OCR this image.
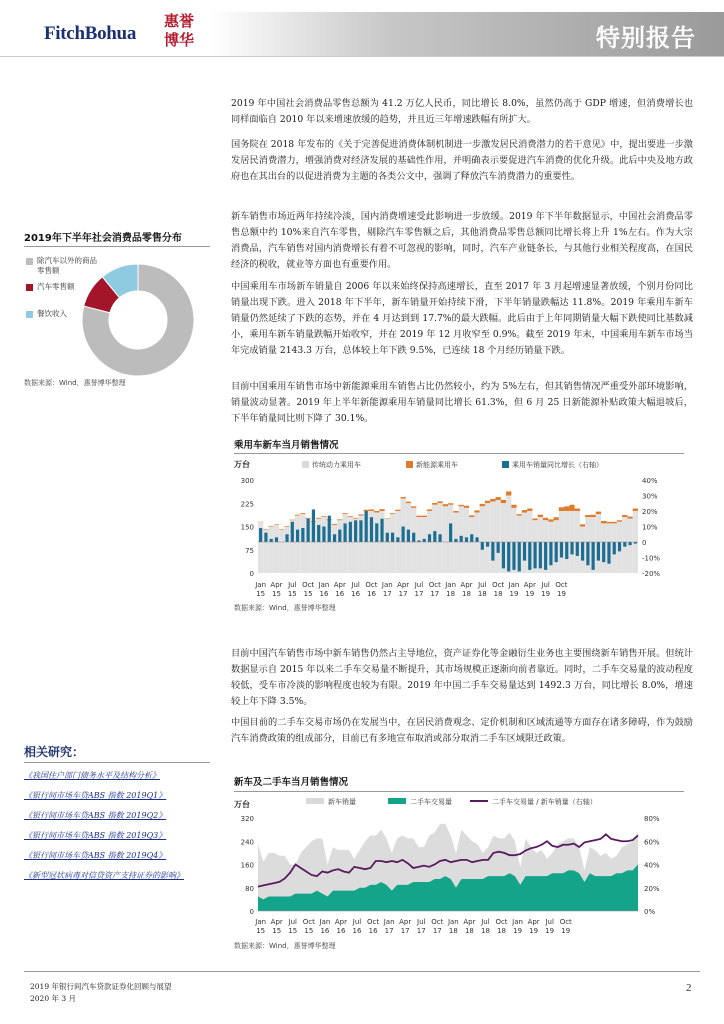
FitchBohua
惠誉
博华	特别报告

2019 年中国社会消费品零售总额为 41.2 万亿人民币，同比增长 8.0%，虽然仍高于 GDP 增速，但消费增长也同样面临自 2010 年以来增速放缓的趋势，并且近三年增速跌幅有所扩大。

国务院在 2018 年发布的《关于完善促进消费体制机制进一步激发居民消费潜力的若干意见》中，提出要进一步激发居民消费潜力，增强消费对经济发展的基础性作用，并明确表示要促进汽车消费的优化升级。此后中央及地方政府也在其出台的以促进消费为主题的各类公文中，强调了释放汽车消费潜力的重要性。

新车销售市场近两年持续冷淡，国内消费增速受此影响进一步放缓。2019 年下半年数据显示，中国社会消费品零售总额中约 10%来自汽车零售，剔除汽车零售额之后，其他消费品零售总额同比增长将上升 1%左右。作为大宗消费品，汽车销售对国内消费增长有着不可忽视的影响，同时，汽车产业链条长，与其他行业相关程度高，在国民经济的税收，就业等方面也有重要作用。

中国乘用车市场新车销量自 2006 年以来始终保持高速增长，直至 2017 年 3 月起增速显著放缓，个别月份同比销量出现下跌。进入 2018 年下半年，新车销量开始持续下滑，下半年销量跌幅达 11.8%。2019 年乘用车新车销量仍然延续了下跌的态势，并在 4 月达到到 17.7%的最大跌幅。此后由于上年同期销量大幅下跌使同比基数减小，乘用车新车销量跌幅开始收窄，并在 2019 年 12 月收窄至 0.9%。截至 2019 年末，中国乘用车新车市场当年完成销量 2143.3 万台，总体较上年下跌 9.5%，已连续 18 个月经历销量下跌。

目前中国乘用车销售市场中新能源乘用车销售占比仍然较小，约为 5%左右，但其销售情况严重受外部环境影响，销量波动显著。2019 年上半年新能源乘用车销量同比增长 61.3%，但 6 月 25 日新能源补贴政策大幅退坡后，下半年销量同比则下降了 30.1%。

2019年下半年社会消费品零售分布
除汽车以外的商品零售额
汽车零售额
餐饮收入
数据来源：Wind，惠誉博华整理
乘用车新车当月销售情况
万台	传统动力乘用车	新能源乘用车	乘用车销量同比增长（右轴）
300
225
150
75
0
40%
30%
20%
10%
0
-10%
-20%
Jan
15
Apr
15
Jul
15
Oct
15
Jan
16
Apr
16
Jul
16
Oct
16
Jan
17
Apr
17
Jul
17
Oct
17
Jan
18
Apr
18
Jul
18
Oct
18
Jan
19
Apr
19
Jul
19
Oct
19
数据来源：Wind，惠誉博华整理

目前中国汽车销售市场中新车销售仍然占主导地位，资产证券化等金融衍生业务也主要围绕新车销售开展。但统计数据显示自 2015 年以来二手车交易量不断提升，其市场规模正逐渐向前者靠近。同时，二手车交易量的波动程度较低，受车市冷淡的影响程度也较为有限。2019 年中国二手车交易量达到 1492.3 万台，同比增长 8.0%，增速较上年下降 3.5%。

中国目前的二手车交易市场仍在发展当中，在居民消费观念、定价机制和区域流通等方面存在诸多障碍，作为鼓励汽车消费政策的组成部分，目前已有多地宣布取消或部分取消二手车区域限迁政策。

新车及二手车当月销售情况
万台	新车销量	二手车交易量	二手车交易量 / 新车销量（右轴）
320
240
160
80
0
80%
60%
40%
20%
0%
Jan
15
Apr
15
Jul
15
Oct
15
Jan
16
Apr
16
Jul
16
Oct
16
Jan
17
Apr
17
Jul
17
Oct
17
Jan
18
Apr
18
Jul
18
Oct
18
Jan
19
Apr
19
Jul
19
Oct
19
数据来源：Wind，惠誉博华整理
相关研究：
《我国住户部门债务水平及结构分析》
《银行间市场车贷ABS 指数 2019Q1》
《银行间市场车贷ABS 指数 2019Q2》
《银行间市场车贷ABS 指数 2019Q3》
《银行间市场车贷ABS 指数 2019Q4》
《新型冠状病毒对信贷资产支持证券的影响》
2019 年银行间汽车贷款证券化回顾与展望
2020 年 3 月
2
